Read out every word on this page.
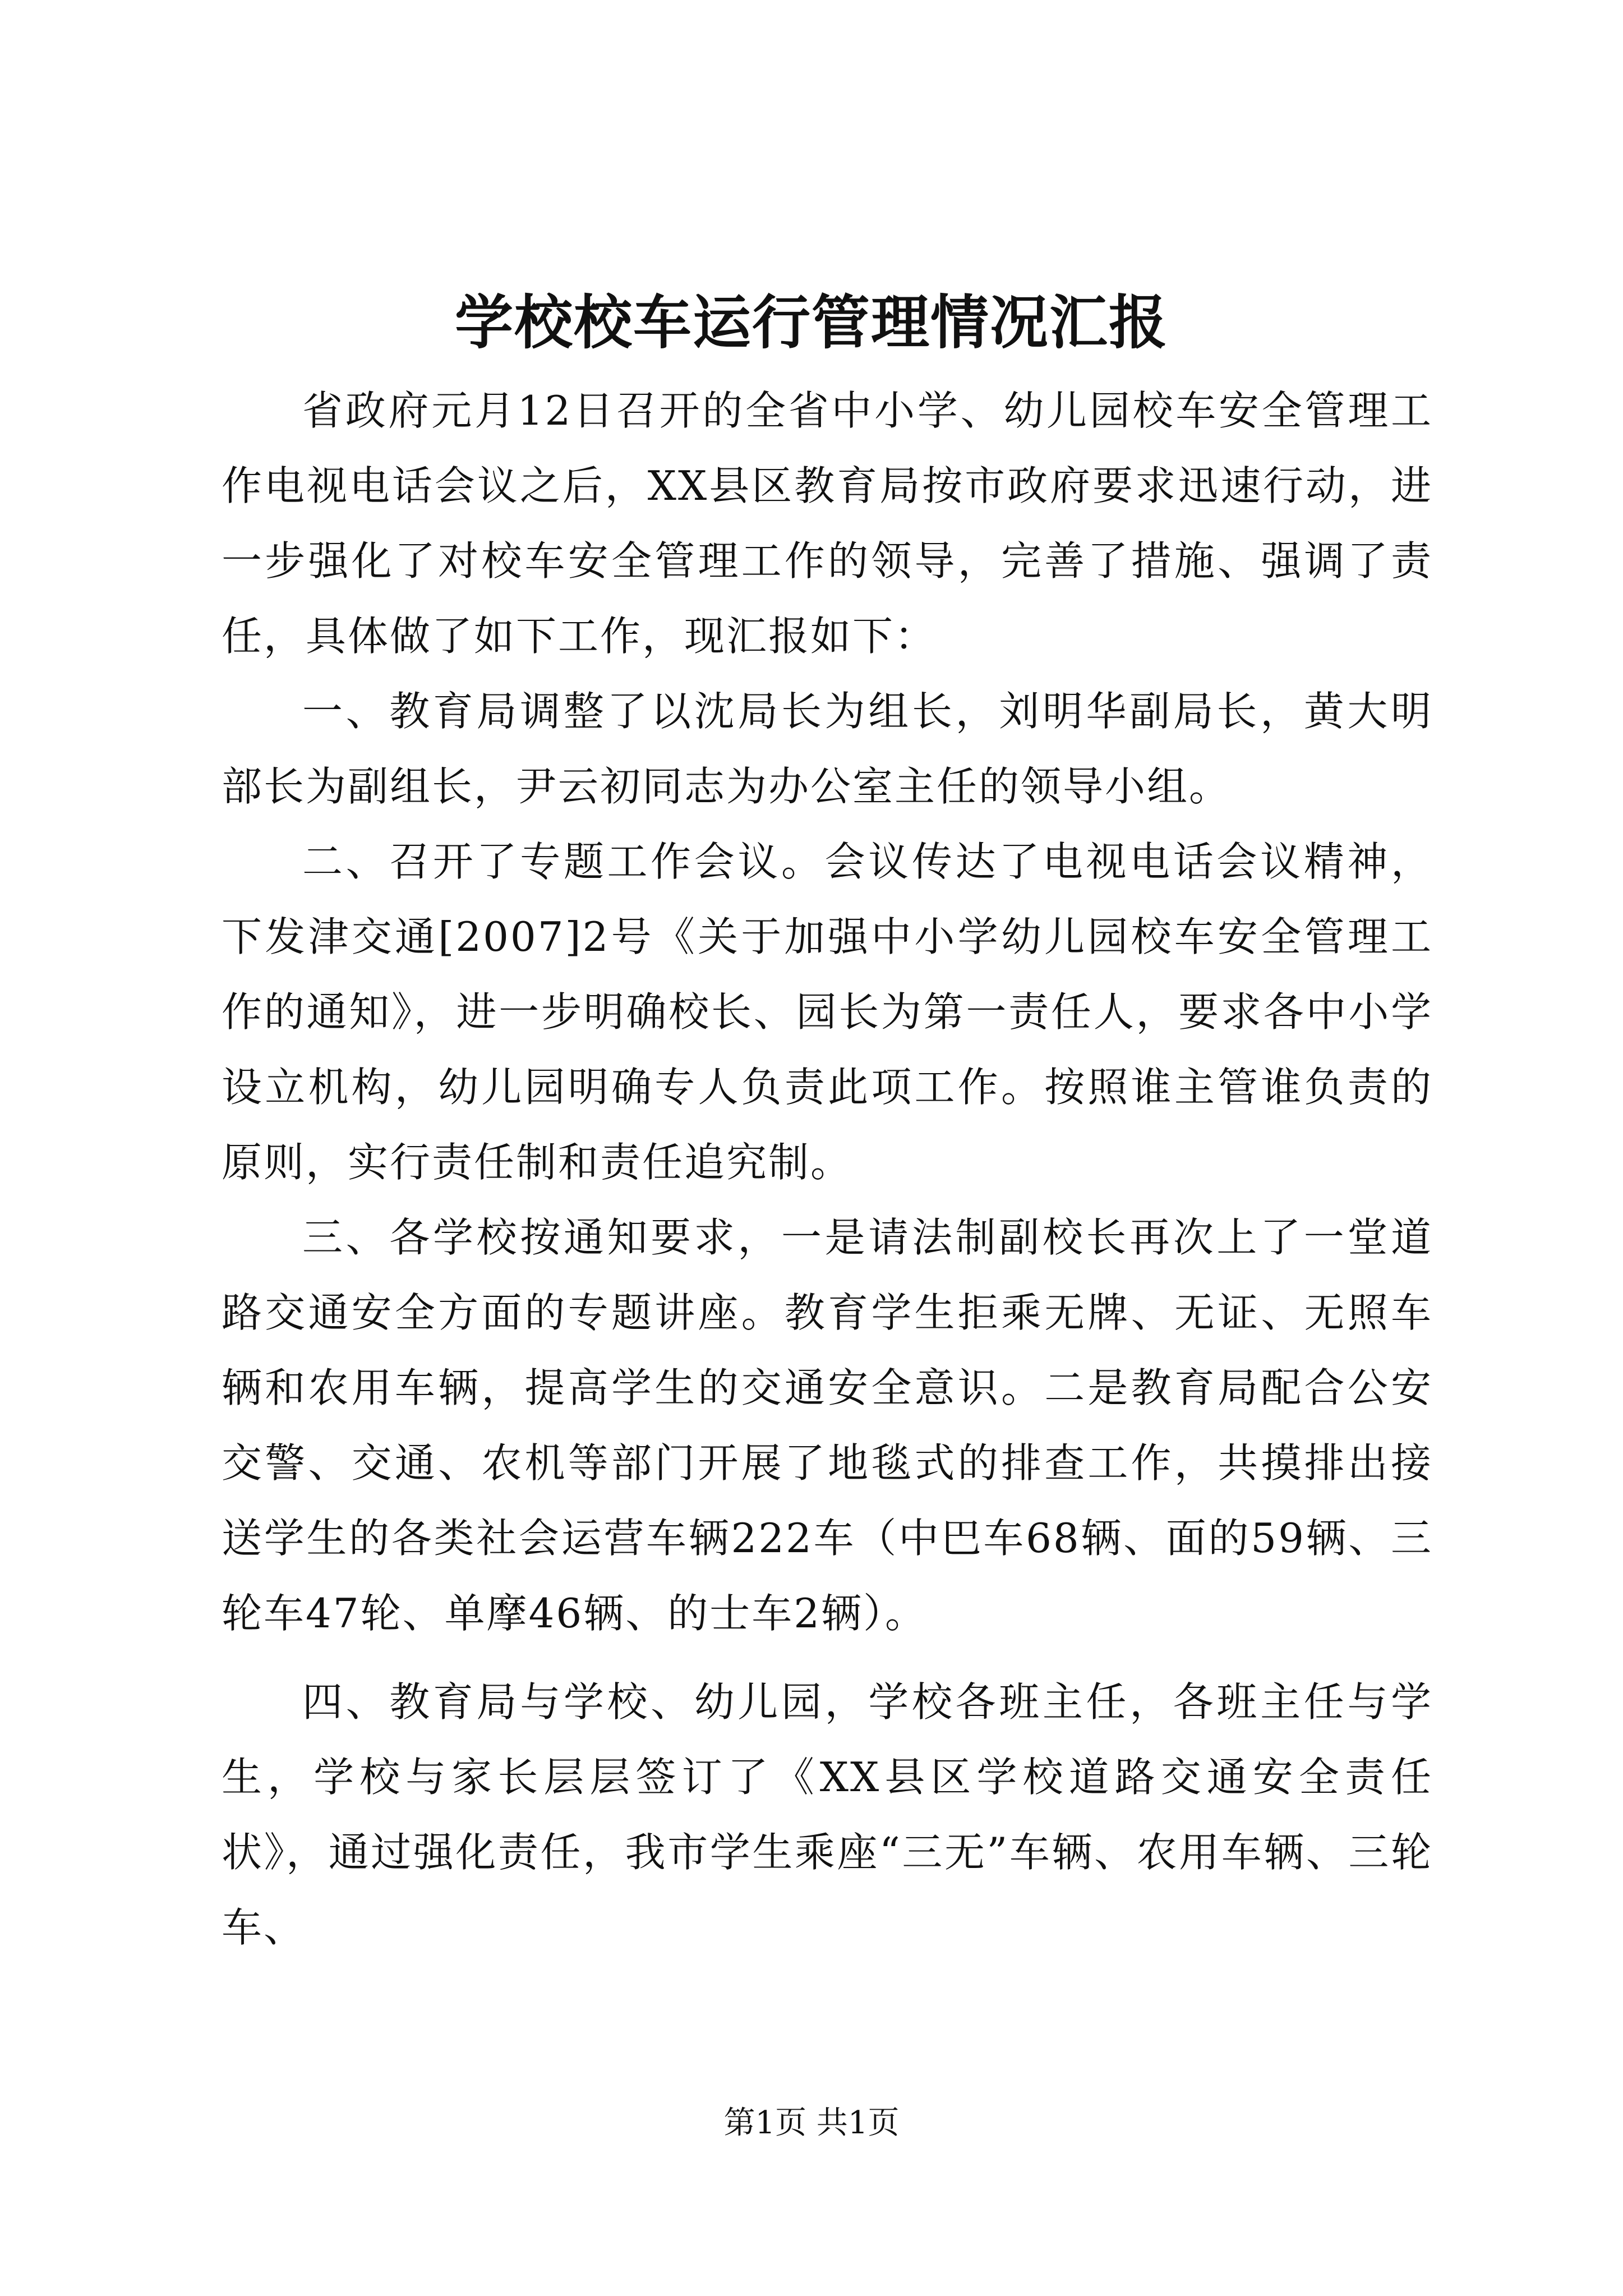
学校校车运行管理情况汇报

省政府元月12日召开的全省中小学、幼儿园校车安全管理工作电视电话会议之后，XX县区教育局按市政府要求迅速行动，进一步强化了对校车安全管理工作的领导，完善了措施、强调了责任，具体做了如下工作，现汇报如下：

一、教育局调整了以沈局长为组长，刘明华副局长，黄大明部长为副组长，尹云初同志为办公室主任的领导小组。

二、召开了专题工作会议。会议传达了电视电话会议精神，下发津交通[2007]2号《关于加强中小学幼儿园校车安全管理工作的通知》，进一步明确校长、园长为第一责任人，要求各中小学设立机构，幼儿园明确专人负责此项工作。按照谁主管谁负责的原则，实行责任制和责任追究制。

三、各学校按通知要求，一是请法制副校长再次上了一堂道路交通安全方面的专题讲座。教育学生拒乘无牌、无证、无照车辆和农用车辆，提高学生的交通安全意识。二是教育局配合公安交警、交通、农机等部门开展了地毯式的排查工作，共摸排出接送学生的各类社会运营车辆222车（中巴车68辆、面的59辆、三轮车47轮、单摩46辆、的士车2辆）。

四、教育局与学校、幼儿园，学校各班主任，各班主任与学生，学校与家长层层签订了《XX县区学校道路交通安全责任状》，通过强化责任，我市学生乘座“三无”车辆、农用车辆、三轮车、

第1页 共1页
